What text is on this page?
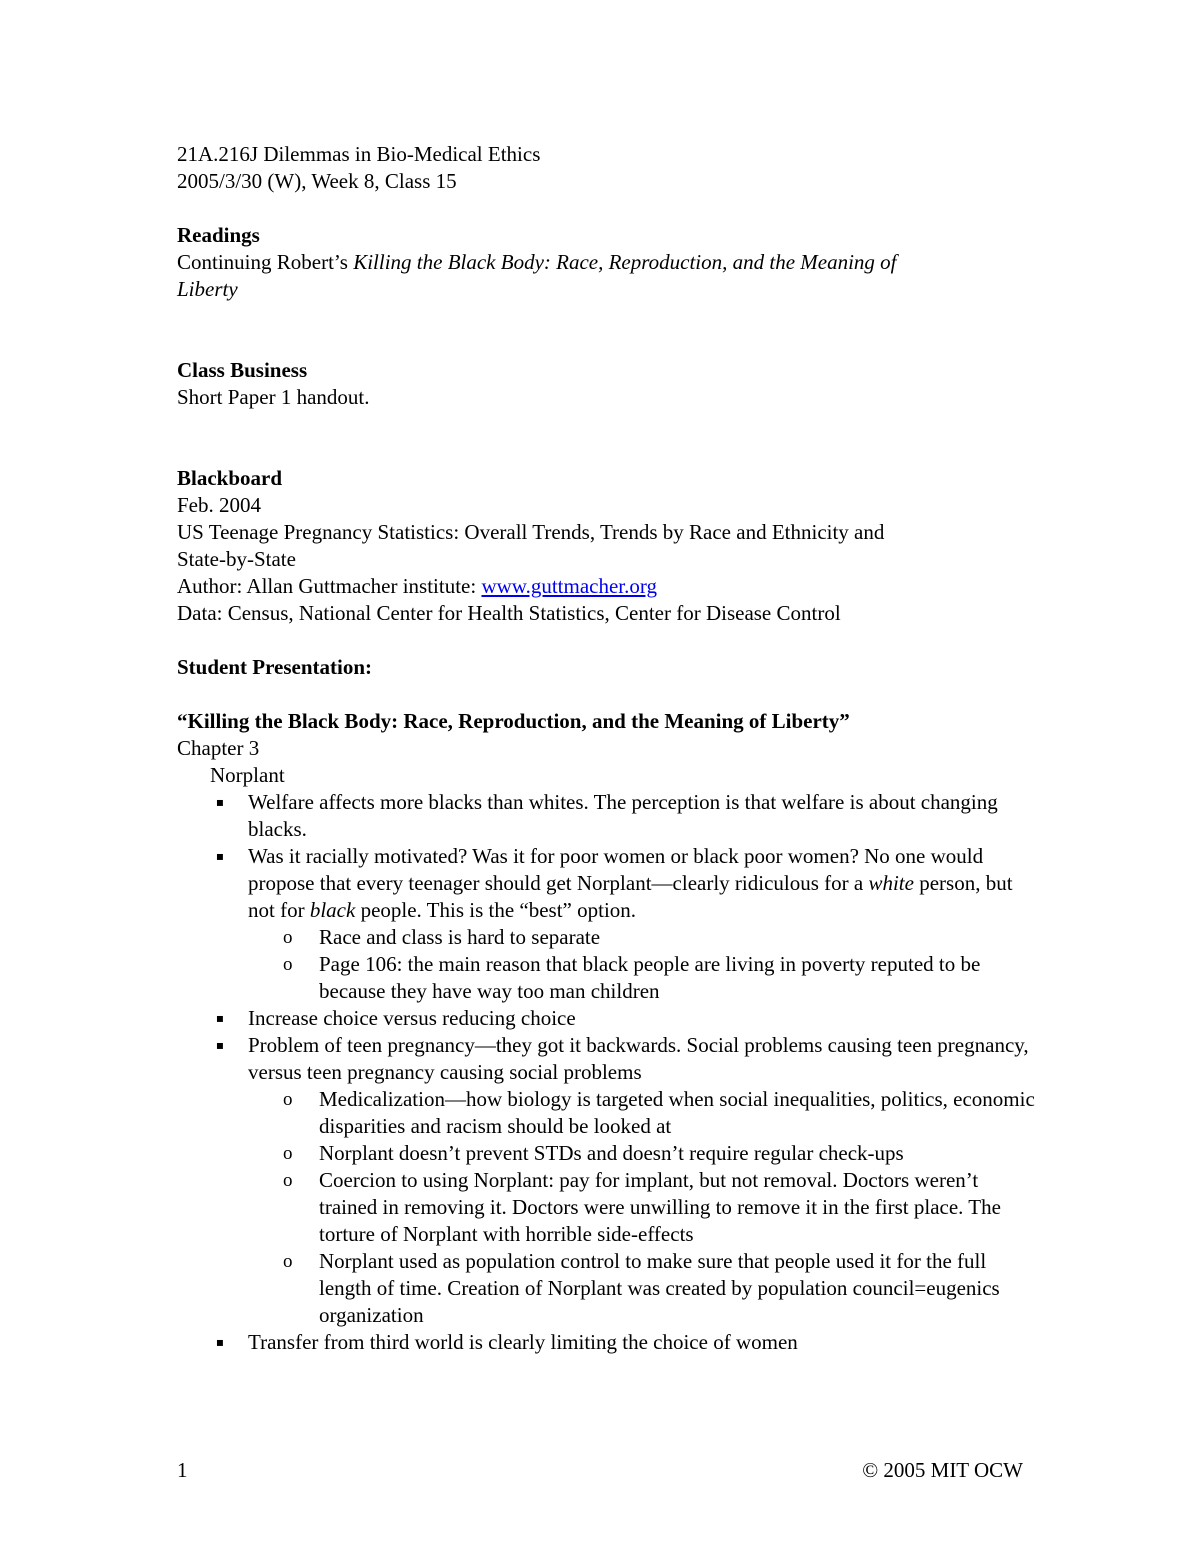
21A.216J Dilemmas in Bio-Medical Ethics

2005/3/30 (W), Week 8, Class 15

Readings

Continuing Robert’s Killing the Black Body: Race, Reproduction, and the Meaning of
Liberty

Class Business

Short Paper 1 handout.

Blackboard

Feb. 2004

US Teenage Pregnancy Statistics: Overall Trends, Trends by Race and Ethnicity and

State-by-State

Author: Allan Guttmacher institute: www.guttmacher.org

Data: Census, National Center for Health Statistics, Center for Disease Control

Student Presentation:

“Killing the Black Body: Race, Reproduction, and the Meaning of Liberty”

Chapter 3

Norplant

▪ Welfare affects more blacks than whites. The perception is that welfare is about changing blacks.
▪ Was it racially motivated? Was it for poor women or black poor women? No one would propose that every teenager should get Norplant—clearly ridiculous for a white person, but not for black people. This is the “best” option.
o Race and class is hard to separate
o Page 106: the main reason that black people are living in poverty reputed to be because they have way too man children
▪ Increase choice versus reducing choice
▪ Problem of teen pregnancy—they got it backwards. Social problems causing teen pregnancy, versus teen pregnancy causing social problems
o Medicalization—how biology is targeted when social inequalities, politics, economic disparities and racism should be looked at
o Norplant doesn’t prevent STDs and doesn’t require regular check-ups
o Coercion to using Norplant: pay for implant, but not removal. Doctors weren’t trained in removing it. Doctors were unwilling to remove it in the first place. The torture of Norplant with horrible side-effects
o Norplant used as population control to make sure that people used it for the full length of time. Creation of Norplant was created by population council=eugenics organization
▪ Transfer from third world is clearly limiting the choice of women
1	© 2005 MIT OCW
